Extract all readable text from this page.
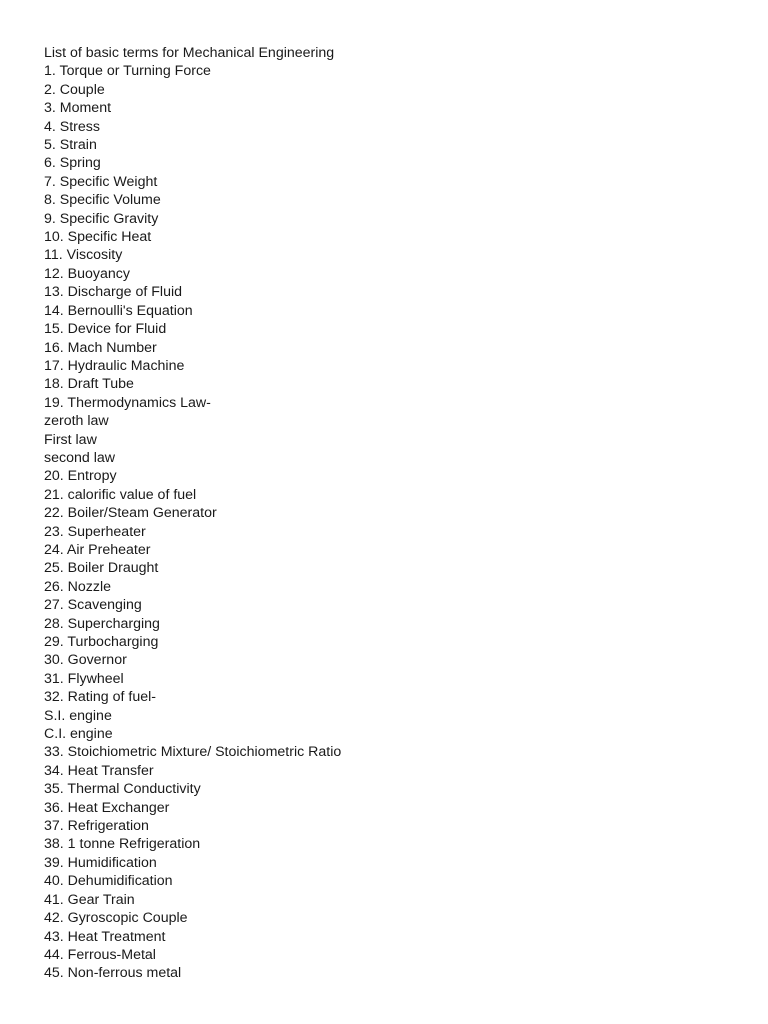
List of basic terms for Mechanical Engineering
1. Torque or Turning Force
2. Couple
3. Moment
4. Stress
5. Strain
6. Spring
7. Specific Weight
8. Specific Volume
9. Specific Gravity
10. Specific Heat
11. Viscosity
12. Buoyancy
13. Discharge of Fluid
14. Bernoulli's Equation
15. Device for Fluid
16. Mach Number
17. Hydraulic Machine
18. Draft Tube
19. Thermodynamics Law-
zeroth law
First law
second law
20. Entropy
21. calorific value of fuel
22. Boiler/Steam Generator
23. Superheater
24. Air Preheater
25. Boiler Draught
26. Nozzle
27. Scavenging
28. Supercharging
29. Turbocharging
30. Governor
31. Flywheel
32. Rating of fuel-
S.I. engine
C.I. engine
33. Stoichiometric Mixture/ Stoichiometric Ratio
34. Heat Transfer
35. Thermal Conductivity
36. Heat Exchanger
37. Refrigeration
38. 1 tonne Refrigeration
39. Humidification
40. Dehumidification
41. Gear Train
42. Gyroscopic Couple
43. Heat Treatment
44. Ferrous-Metal
45. Non-ferrous metal
